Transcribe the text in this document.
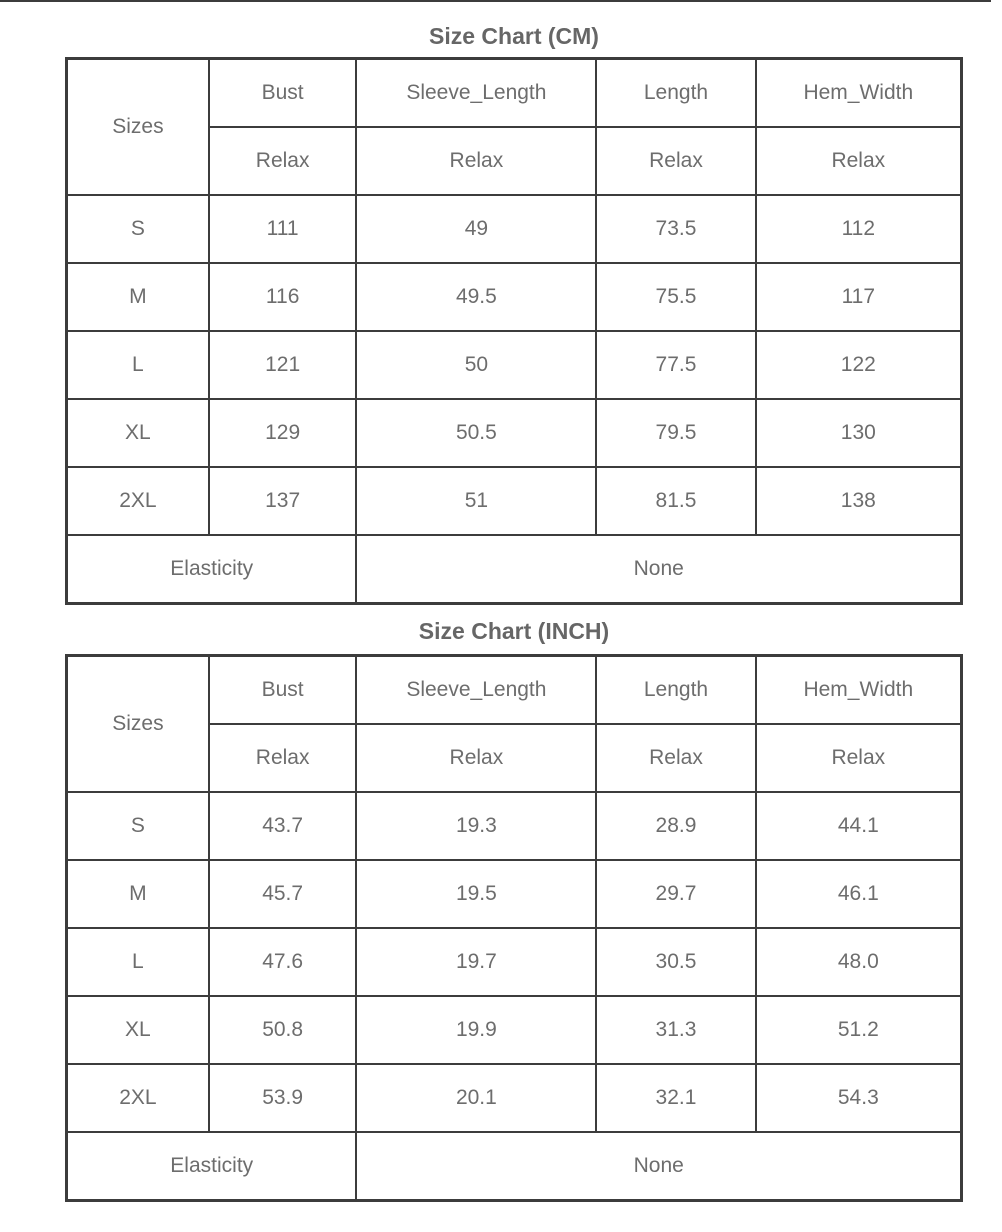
Size Chart (CM)
Sizes	Bust	Sleeve_Length	Length	Hem_Width
	Relax	Relax	Relax	Relax
S	111	49	73.5	112
M	116	49.5	75.5	117
L	121	50	77.5	122
XL	129	50.5	79.5	130
2XL	137	51	81.5	138
Elasticity		None		
Size Chart (INCH)
Sizes	Bust	Sleeve_Length	Length	Hem_Width
	Relax	Relax	Relax	Relax
S	43.7	19.3	28.9	44.1
M	45.7	19.5	29.7	46.1
L	47.6	19.7	30.5	48.0
XL	50.8	19.9	31.3	51.2
2XL	53.9	20.1	32.1	54.3
Elasticity		None		
